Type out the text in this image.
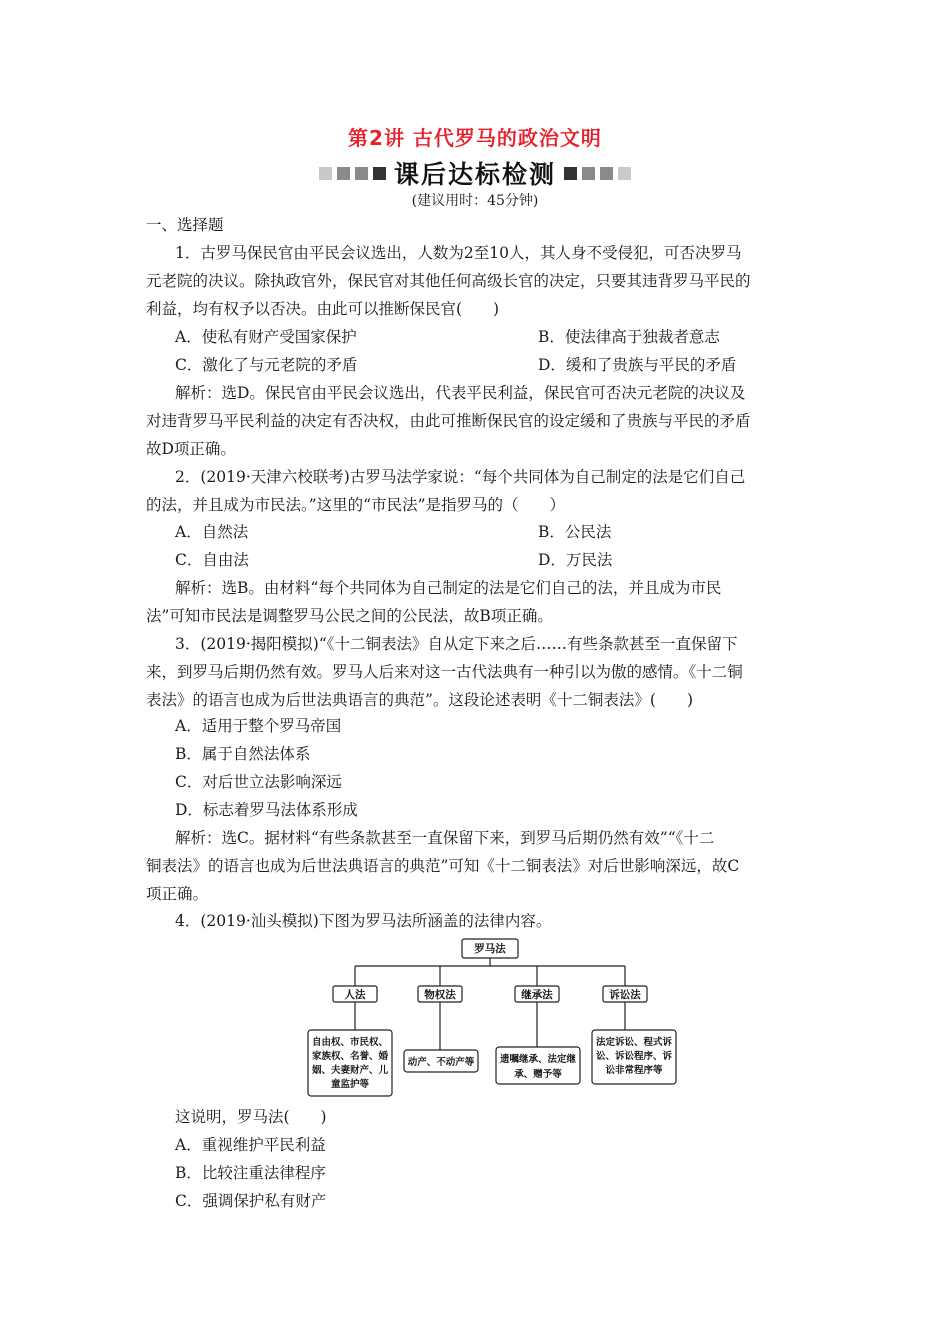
第2讲 古代罗马的政治文明
课后达标检测
(建议用时：45分钟)
一、选择题
1．古罗马保民官由平民会议选出，人数为2至10人，其人身不受侵犯，可否决罗马
元老院的决议。除执政官外，保民官对其他任何高级长官的决定，只要其违背罗马平民的
利益，均有权予以否决。由此可以推断保民官(　　)
A．使私有财产受国家保护	B．使法律高于独裁者意志
C．激化了与元老院的矛盾	D．缓和了贵族与平民的矛盾
解析：选D。保民官由平民会议选出，代表平民利益，保民官可否决元老院的决议及
对违背罗马平民利益的决定有否决权，由此可推断保民官的设定缓和了贵族与平民的矛盾
故D项正确。
2．(2019·天津六校联考)古罗马法学家说：“每个共同体为自己制定的法是它们自己
的法，并且成为市民法。”这里的“市民法”是指罗马的（　　）
A．自然法	B．公民法
C．自由法	D．万民法
解析：选B。由材料“每个共同体为自己制定的法是它们自己的法，并且成为市民
法”可知市民法是调整罗马公民之间的公民法，故B项正确。
3．(2019·揭阳模拟)“《十二铜表法》自从定下来之后……有些条款甚至一直保留下
来，到罗马后期仍然有效。罗马人后来对这一古代法典有一种引以为傲的感情。《十二铜
表法》的语言也成为后世法典语言的典范”。这段论述表明《十二铜表法》(　　)
A．适用于整个罗马帝国
B．属于自然法体系
C．对后世立法影响深远
D．标志着罗马法体系形成
解析：选C。据材料“有些条款甚至一直保留下来，到罗马后期仍然有效”“《十二
铜表法》的语言也成为后世法典语言的典范”可知《十二铜表法》对后世影响深远，故C
项正确。
4．(2019·汕头模拟)下图为罗马法所涵盖的法律内容。
罗马法
人法	物权法	继承法	诉讼法
自由权、市民权、
家族权、名誉、婚
姻、夫妻财产、儿
童监护等
动产、不动产等	遗嘱继承、法定继
承、赠予等
法定诉讼、程式诉
讼、诉讼程序、诉
讼非常程序等
这说明，罗马法(　　)
A．重视维护平民利益
B．比较注重法律程序
C．强调保护私有财产
